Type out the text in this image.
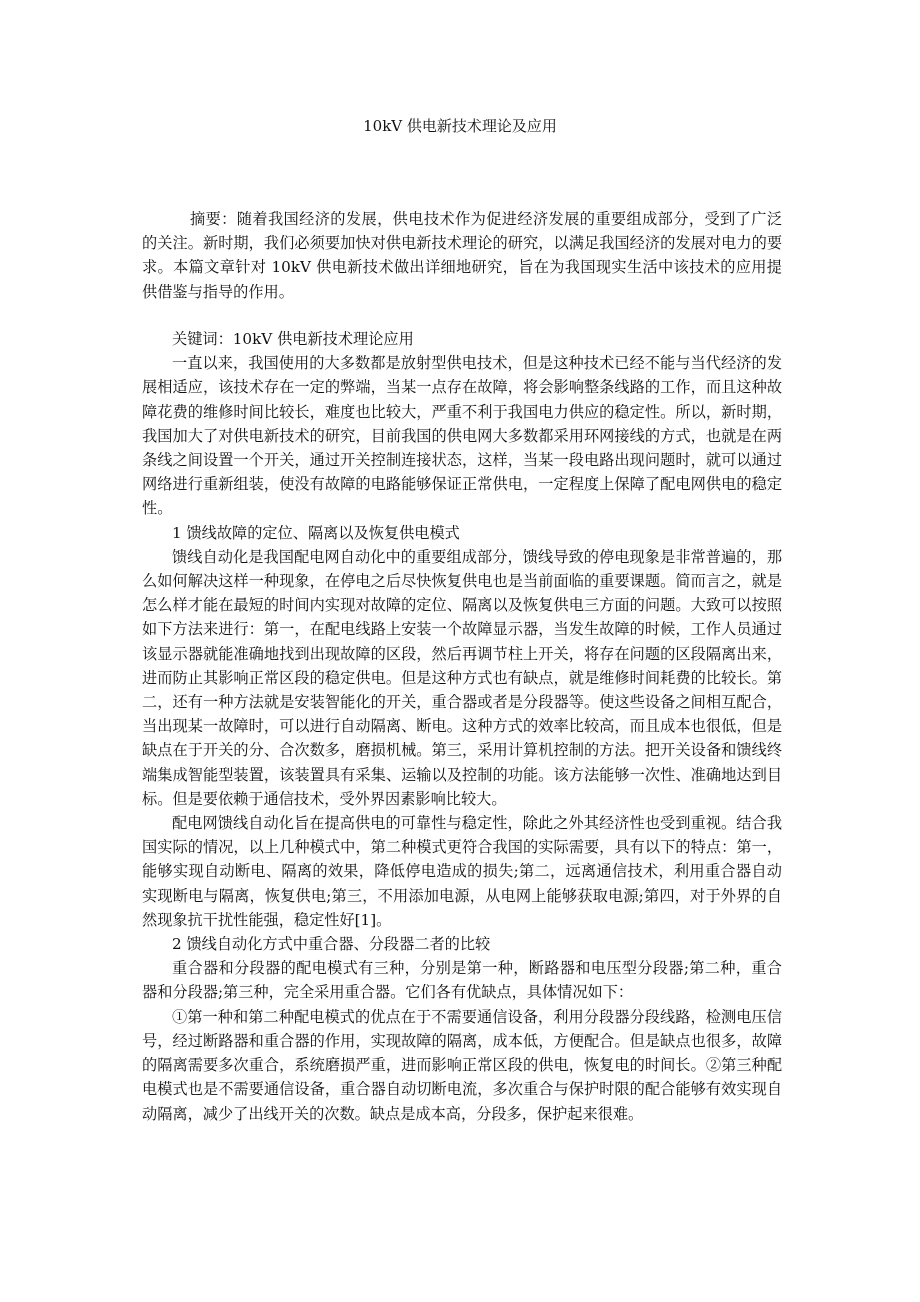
10kV 供电新技术理论及应用

摘要：随着我国经济的发展，供电技术作为促进经济发展的重要组成部分，受到了广泛的关注。新时期，我们必须要加快对供电新技术理论的研究，以满足我国经济的发展对电力的要求。本篇文章针对 10kV 供电新技术做出详细地研究，旨在为我国现实生活中该技术的应用提供借鉴与指导的作用。

关键词：10kV 供电新技术理论应用

一直以来，我国使用的大多数都是放射型供电技术，但是这种技术已经不能与当代经济的发展相适应，该技术存在一定的弊端，当某一点存在故障，将会影响整条线路的工作，而且这种故障花费的维修时间比较长，难度也比较大，严重不利于我国电力供应的稳定性。所以，新时期，我国加大了对供电新技术的研究，目前我国的供电网大多数都采用环网接线的方式，也就是在两条线之间设置一个开关，通过开关控制连接状态，这样，当某一段电路出现问题时，就可以通过网络进行重新组装，使没有故障的电路能够保证正常供电，一定程度上保障了配电网供电的稳定性。

1 馈线故障的定位、隔离以及恢复供电模式

馈线自动化是我国配电网自动化中的重要组成部分，馈线导致的停电现象是非常普遍的，那么如何解决这样一种现象，在停电之后尽快恢复供电也是当前面临的重要课题。简而言之，就是怎么样才能在最短的时间内实现对故障的定位、隔离以及恢复供电三方面的问题。大致可以按照如下方法来进行：第一，在配电线路上安装一个故障显示器，当发生故障的时候，工作人员通过该显示器就能准确地找到出现故障的区段，然后再调节柱上开关，将存在问题的区段隔离出来，进而防止其影响正常区段的稳定供电。但是这种方式也有缺点，就是维修时间耗费的比较长。第二，还有一种方法就是安装智能化的开关，重合器或者是分段器等。使这些设备之间相互配合，当出现某一故障时，可以进行自动隔离、断电。这种方式的效率比较高，而且成本也很低，但是缺点在于开关的分、合次数多，磨损机械。第三，采用计算机控制的方法。把开关设备和馈线终端集成智能型装置，该装置具有采集、运输以及控制的功能。该方法能够一次性、准确地达到目标。但是要依赖于通信技术，受外界因素影响比较大。

配电网馈线自动化旨在提高供电的可靠性与稳定性，除此之外其经济性也受到重视。结合我国实际的情况，以上几种模式中，第二种模式更符合我国的实际需要，具有以下的特点：第一，能够实现自动断电、隔离的效果，降低停电造成的损失;第二，远离通信技术，利用重合器自动实现断电与隔离，恢复供电;第三，不用添加电源，从电网上能够获取电源;第四，对于外界的自然现象抗干扰性能强，稳定性好[1]。

2 馈线自动化方式中重合器、分段器二者的比较

重合器和分段器的配电模式有三种，分别是第一种，断路器和电压型分段器;第二种，重合器和分段器;第三种，完全采用重合器。它们各有优缺点，具体情况如下：

①第一种和第二种配电模式的优点在于不需要通信设备，利用分段器分段线路，检测电压信号，经过断路器和重合器的作用，实现故障的隔离，成本低，方便配合。但是缺点也很多，故障的隔离需要多次重合，系统磨损严重，进而影响正常区段的供电，恢复电的时间长。②第三种配电模式也是不需要通信设备，重合器自动切断电流，多次重合与保护时限的配合能够有效实现自动隔离，减少了出线开关的次数。缺点是成本高，分段多，保护起来很难。
